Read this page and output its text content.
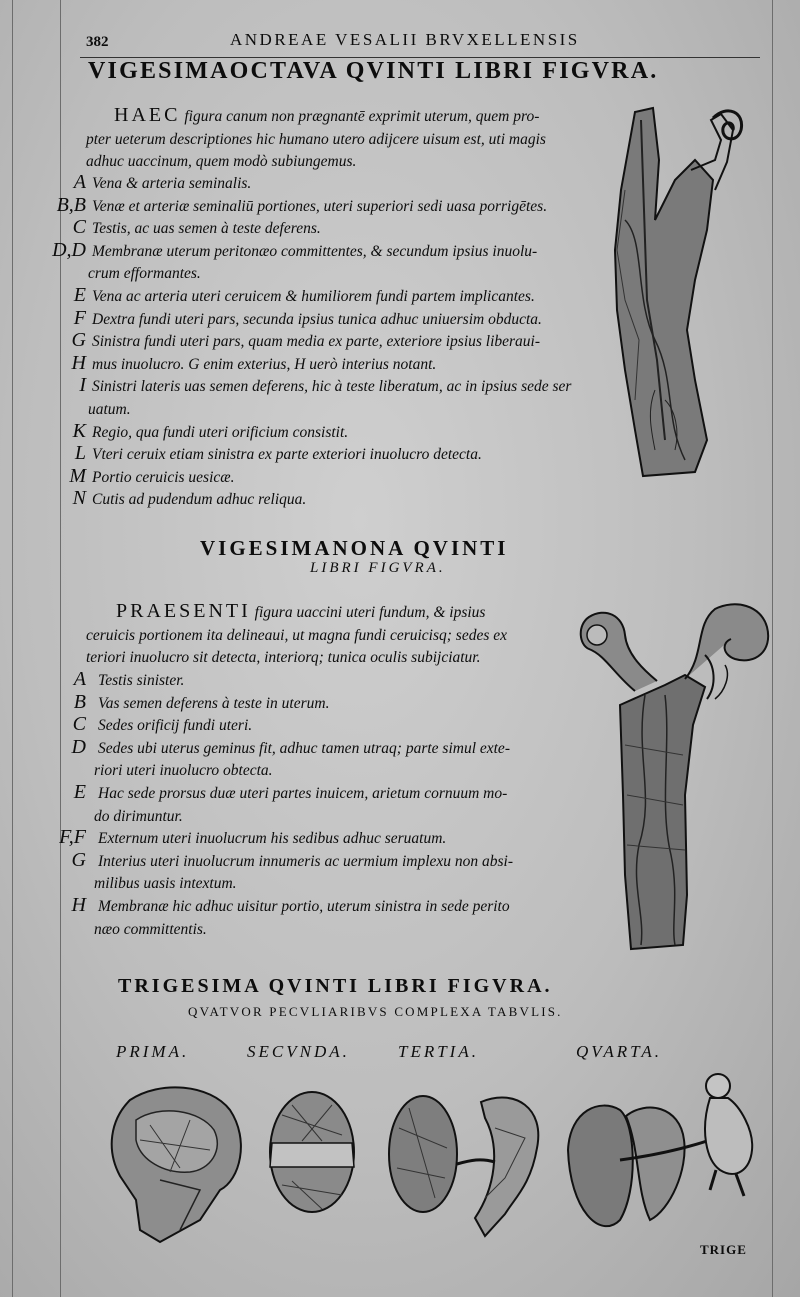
382	ANDREAE VESALII BRVXELLENSIS
VIGESIMAOCTAVA QVINTI LIBRI FIGVRA.
HAEC figura canum non prægnantē exprimit uterum, quem pro-
pter ueterum descriptiones hic humano utero adijcere uisum est, uti magis
adhuc uaccinum, quem modò subiungemus.
A Vena & arteria seminalis.
B,B Venæ et arteriæ seminaliū portiones, uteri superiori sedi uasa porrigētes.
C Testis, ac uas semen à teste deferens.
D,D Membranæ uterum peritonæo committentes, & secundum ipsius inuolu-
crum efformantes.
E Vena ac arteria uteri ceruicem & humiliorem fundi partem implicantes.
F Dextra fundi uteri pars, secunda ipsius tunica adhuc uniuersim obducta.
G Sinistra fundi uteri pars, quam media ex parte, exteriore ipsius liberaui-
H mus inuolucro. G enim exterius, H uerò interius notant.
I Sinistri lateris uas semen deferens, hic à teste liberatum, ac in ipsius sede ser
uatum.
K Regio, qua fundi uteri orificium consistit.
L Vteri ceruix etiam sinistra ex parte exteriori inuolucro detecta.
M Portio ceruicis uesicæ.
N Cutis ad pudendum adhuc reliqua.
VIGESIMANONA QVINTI
LIBRI FIGVRA.
PRAESENTI figura uaccini uteri fundum, & ipsius
ceruicis portionem ita delineaui, ut magna fundi ceruicisq; sedes ex
teriori inuolucro sit detecta, interiorq; tunica oculis subijciatur.
A Testis sinister.
B Vas semen deferens à teste in uterum.
C Sedes orificij fundi uteri.
D Sedes ubi uterus geminus fit, adhuc tamen utraq; parte simul exte-
riori uteri inuolucro obtecta.
E Hac sede prorsus duæ uteri partes inuicem, arietum cornuum mo-
do dirimuntur.
F,F Externum uteri inuolucrum his sedibus adhuc seruatum.
G Interius uteri inuolucrum innumeris ac uermium implexu non absi-
milibus uasis intextum.
H Membranæ hic adhuc uisitur portio, uterum sinistra in sede perito
næo committentis.
TRIGESIMA QVINTI LIBRI FIGVRA.
QVATVOR PECVLIARIBVS COMPLEXA TABVLIS.
PRIMA.	SECVNDA.	TERTIA.	QVARTA.
TRIGE
